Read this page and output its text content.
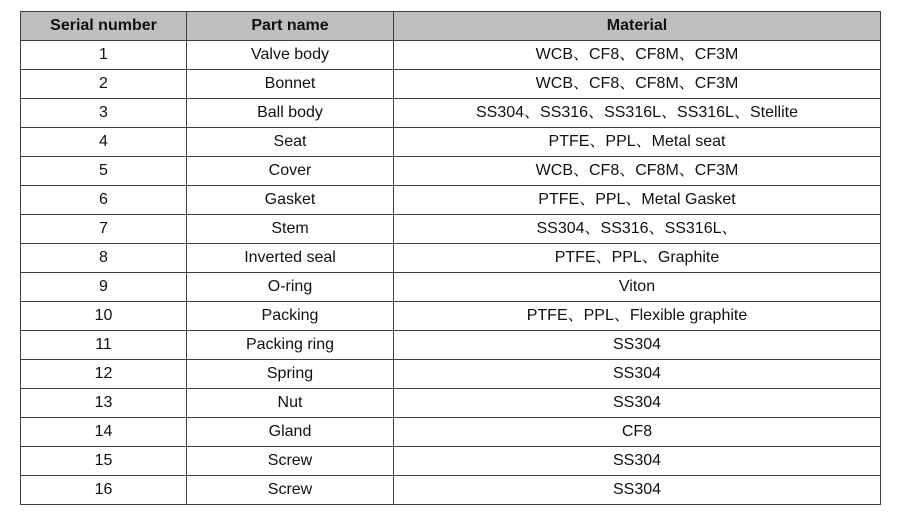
Serial number	Part name	Material
1	Valve body	WCB、CF8、CF8M、CF3M
2	Bonnet	WCB、CF8、CF8M、CF3M
3	Ball body	SS304、SS316、SS316L、SS316L、Stellite
4	Seat	PTFE、PPL、Metal seat
5	Cover	WCB、CF8、CF8M、CF3M
6	Gasket	PTFE、PPL、Metal Gasket
7	Stem	SS304、SS316、SS316L、
8	Inverted seal	PTFE、PPL、Graphite
9	O-ring	Viton
10	Packing	PTFE、PPL、Flexible graphite
11	Packing ring	SS304
12	Spring	SS304
13	Nut	SS304
14	Gland	CF8
15	Screw	SS304
16	Screw	SS304
